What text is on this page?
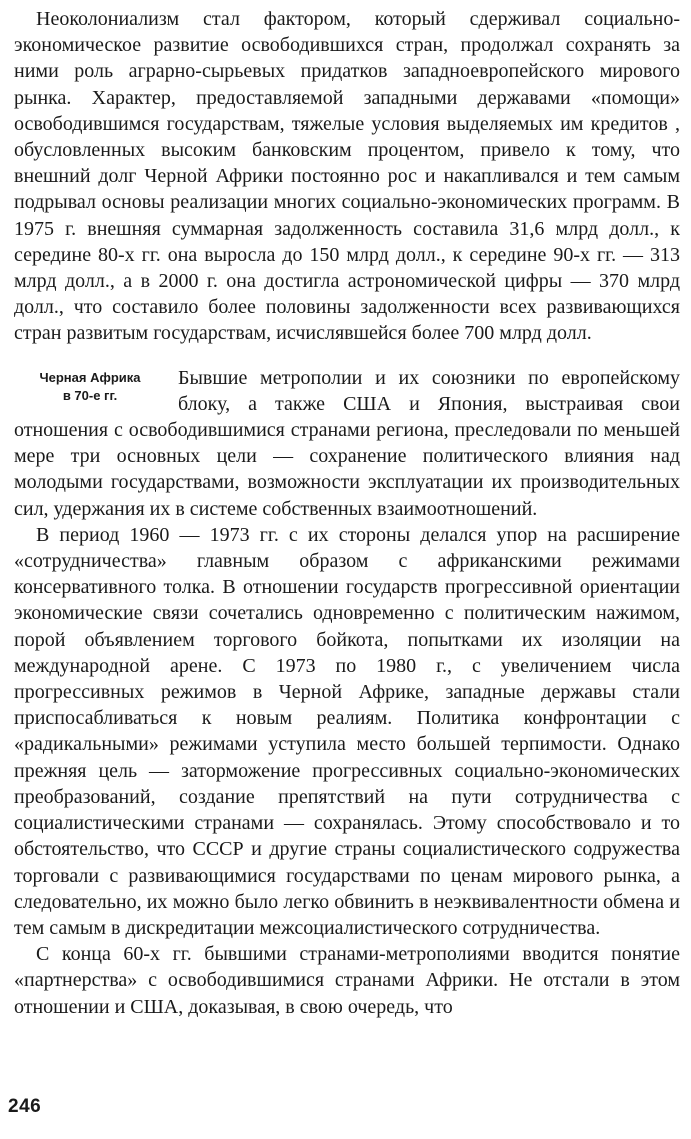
Неоколониализм стал фактором, который сдерживал социально-экономическое развитие освободившихся стран, продолжал сохранять за ними роль аграрно-сырьевых придатков западноевропейского мирового рынка. Характер, предоставляемой западными державами «помощи» освободившимся государствам, тяжелые условия выделяемых им кредитов , обусловленных высоким банковским процентом, привело к тому, что внешний долг Черной Африки постоянно рос и накапливался и тем самым подрывал основы реализации многих социально-экономических программ. В 1975 г. внешняя суммарная задолженность составила 31,6 млрд долл., к середине 80-х гг. она выросла до 150 млрд долл., к середине 90-х гг. — 313 млрд долл., а в 2000 г. она достигла астрономической цифры — 370 млрд долл., что составило более половины задолженности всех развивающихся стран развитым государствам, исчислявшейся более 700 млрд долл.

Черная Африка
в 70-е гг.

Бывшие метрополии и их союзники по европейскому блоку, а также США и Япония, выстраивая свои отношения с освободившимися странами региона, преследовали по меньшей мере три основных цели — сохранение политического влияния над молодыми государствами, возможности эксплуатации их производительных сил, удержания их в системе собственных взаимоотношений.

В период 1960 — 1973 гг. с их стороны делался упор на расширение «сотрудничества» главным образом с африканскими режимами консервативного толка. В отношении государств прогрессивной ориентации экономические связи сочетались одновременно с политическим нажимом, порой объявлением торгового бойкота, попытками их изоляции на международной арене. С 1973 по 1980 г., с увеличением числа прогрессивных режимов в Черной Африке, западные державы стали приспосабливаться к новым реалиям. Политика конфронтации с «радикальными» режимами уступила место большей терпимости. Однако прежняя цель — заторможение прогрессивных социально-экономических преобразований, создание препятствий на пути сотрудничества с социалистическими странами — сохранялась. Этому способствовало и то обстоятельство, что СССР и другие страны социалистического содружества торговали с развивающимися государствами по ценам мирового рынка, а следовательно, их можно было легко обвинить в неэквивалентности обмена и тем самым в дискредитации межсоциалистического сотрудничества.

С конца 60-х гг. бывшими странами-метрополиями вводится понятие «партнерства» с освободившимися странами Африки. Не отстали в этом отношении и США, доказывая, в свою очередь, что

246
